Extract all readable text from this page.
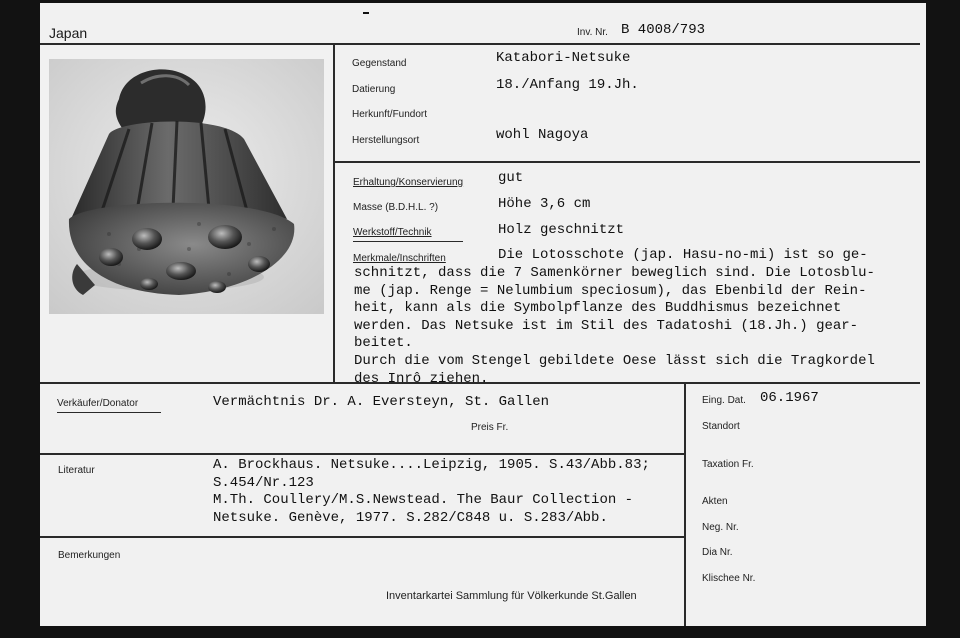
Japan	Inv. Nr. B 4008/793
Gegenstand	Katabori-Netsuke
Datierung	18./Anfang 19.Jh.
Herkunft/Fundort
Herstellungsort	wohl Nagoya
Erhaltung/Konservierung gut
Masse (B.D.H.L. ?)	Höhe 3,6 cm
Werkstoff/Technik	Holz geschnitzt
Merkmale/Inschriften	Die Lotosschote (jap. Hasu-no-mi) ist so ge-
schnitzt, dass die 7 Samenkörner beweglich sind. Die Lotosblu-
me (jap. Renge = Nelumbium speciosum), das Ebenbild der Rein-
heit, kann als die Symbolpflanze des Buddhismus bezeichnet
werden. Das Netsuke ist im Stil des Tadatoshi (18.Jh.) gear-
beitet.
Durch die vom Stengel gebildete Oese lässt sich die Tragkordel
des Inrô ziehen.
Verkäufer/Donator	Vermächtnis Dr. A. Eversteyn, St. Gallen
Preis Fr.
Literatur	A. Brockhaus. Netsuke....Leipzig, 1905. S.43/Abb.83;
S.454/Nr.123
M.Th. Coullery/M.S.Newstead. The Baur Collection -
Netsuke. Genève, 1977. S.282/C848 u. S.283/Abb.
Bemerkungen
Inventarkartei Sammlung für Völkerkunde St.Gallen
Eing. Dat. 06.1967
Standort
Taxation Fr.
Akten
Neg. Nr.
Dia Nr.
Klischee Nr.
